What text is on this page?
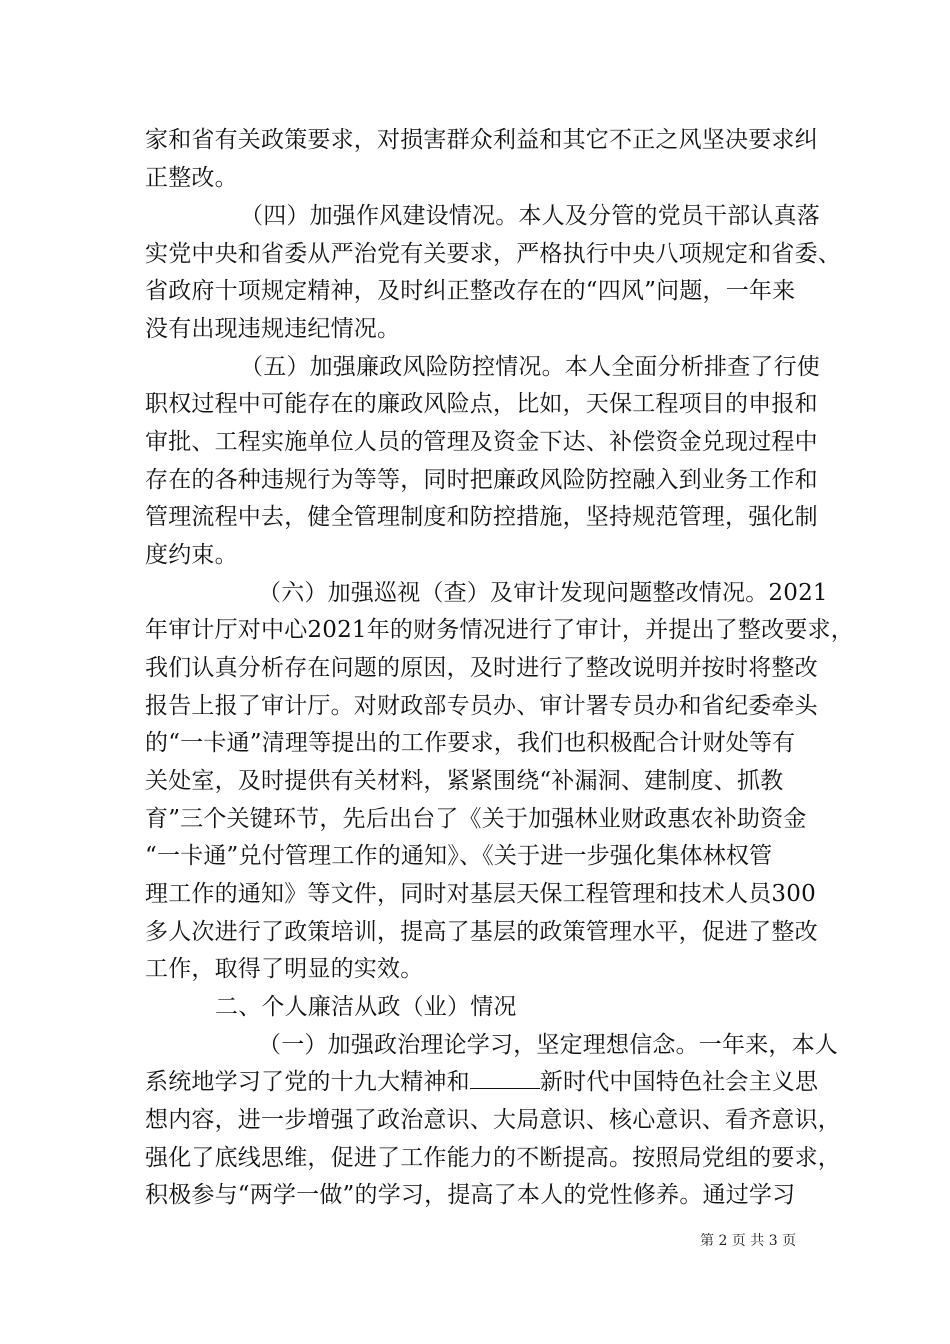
家和省有关政策要求，对损害群众利益和其它不正之风坚决要求纠
正整改。
（四）加强作风建设情况。本人及分管的党员干部认真落
实党中央和省委从严治党有关要求，严格执行中央八项规定和省委、
省政府十项规定精神，及时纠正整改存在的“四风”问题，一年来
没有出现违规违纪情况。
（五）加强廉政风险防控情况。本人全面分析排查了行使
职权过程中可能存在的廉政风险点，比如，天保工程项目的申报和
审批、工程实施单位人员的管理及资金下达、补偿资金兑现过程中
存在的各种违规行为等等，同时把廉政风险防控融入到业务工作和
管理流程中去，健全管理制度和防控措施，坚持规范管理，强化制
度约束。
（六）加强巡视（查）及审计发现问题整改情况。2021
年审计厅对中心2021年的财务情况进行了审计，并提出了整改要求，
我们认真分析存在问题的原因，及时进行了整改说明并按时将整改
报告上报了审计厅。对财政部专员办、审计署专员办和省纪委牵头
的“一卡通”清理等提出的工作要求，我们也积极配合计财处等有
关处室，及时提供有关材料，紧紧围绕“补漏洞、建制度、抓教
育”三个关键环节，先后出台了《关于加强林业财政惠农补助资金
“一卡通”兑付管理工作的通知》、《关于进一步强化集体林权管
理工作的通知》等文件，同时对基层天保工程管理和技术人员300
多人次进行了政策培训，提高了基层的政策管理水平，促进了整改
工作，取得了明显的实效。
二、个人廉洁从政（业）情况
（一）加强政治理论学习，坚定理想信念。一年来，本人
系统地学习了党的十九大精神和	新时代中国特色社会主义思
想内容，进一步增强了政治意识、大局意识、核心意识、看齐意识，
强化了底线思维，促进了工作能力的不断提高。按照局党组的要求，
积极参与“两学一做”的学习，提高了本人的党性修养。通过学习
第 2 页 共 3 页
